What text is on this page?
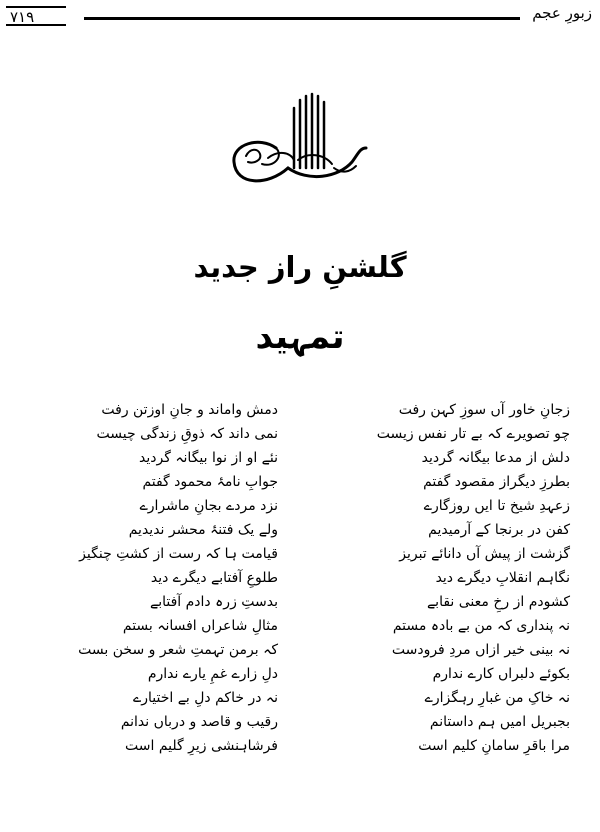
۷۱۹	زبورِ عجم
گلشنِ راز جدید
تمہید
زجانِ خاور آں سوزِ کہن رفت
چو تصویرے کہ بے تار نفس زیست
دلش از مدعا بیگانہ گردید
بطرزِ دیگراز مقصود گفتم
زعہدِ شیخ تا ایں روزگارے
کفن در برنجا کے آرمیدیم
گزشت از پیش آں دانائے تبریز
نگاہم انقلابِ دیگرے دید
کشودم از رخِ معنی نقابے
نہ پنداری کہ من بے بادہ مستم
نہ بینی خیر ازاں مردِ فرودست
بکوئے دلبراں کارے ندارم
نہ خاکِ من غبارِ رہگزارے
بجبریل امیں ہم داستانم
مرا باقرِ سامانِ کلیم است
دمش واماند و جانِ اوزتن رفت
نمی داند کہ ذوقِ زندگی چیست
نئے او از نوا بیگانہ گردید
جوابِ نامۂ محمود گفتم
نزد مردے بجانِ ماشرارے
ولے یک فتنۂ محشر ندیدیم
قیامت ہا کہ رست از کشتِ چنگیز
طلوعِ آفتابے دیگرے دید
بدستِ زرہ دادم آفتابے
مثالِ شاعراں افسانہ بستم
کہ برمن تہمتِ شعر و سخن بست
دلِ زارے غمِ یارے ندارم
نہ در خاکم دلِ بے اختیارے
رقیب و قاصد و درباں ندانم
فرشاہنشی زیرِ گلیم است
